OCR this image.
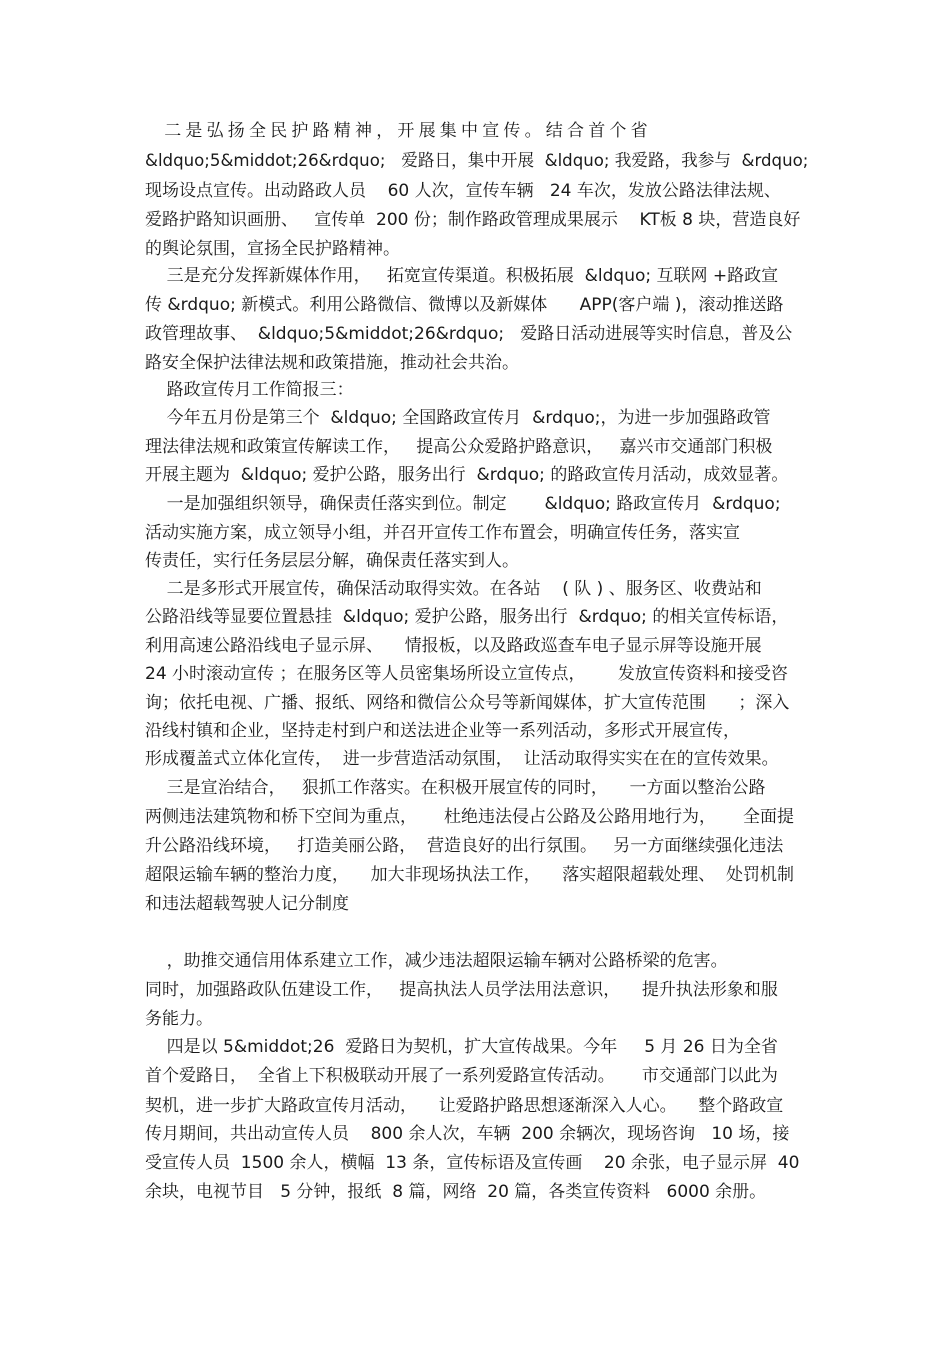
二是弘扬全民护路精神，开展集中宣传。结合首个省
&ldquo;5&middot;26&rdquo;   爱路日，集中开展  &ldquo; 我爱路，我参与  &rdquo;
现场设点宣传。出动路政人员    60 人次，宣传车辆   24 车次，发放公路法律法规、
爱路护路知识画册、   宣传单  200 份；制作路政管理成果展示    KT板 8 块，营造良好
的舆论氛围，宣扬全民护路精神。
三是充分发挥新媒体作用，   拓宽宣传渠道。积极拓展  &ldquo; 互联网 +路政宣
传 &rdquo; 新模式。利用公路微信、微博以及新媒体      APP(客户端 )，滚动推送路
政管理故事、  &ldquo;5&middot;26&rdquo;   爱路日活动进展等实时信息，普及公
路安全保护法律法规和政策措施，推动社会共治。
路政宣传月工作简报三：
今年五月份是第三个  &ldquo; 全国路政宣传月  &rdquo;，为进一步加强路政管
理法律法规和政策宣传解读工作，   提高公众爱路护路意识，   嘉兴市交通部门积极
开展主题为  &ldquo; 爱护公路，服务出行  &rdquo; 的路政宣传月活动，成效显著。
一是加强组织领导，确保责任落实到位。制定       &ldquo; 路政宣传月  &rdquo;
活动实施方案，成立领导小组，并召开宣传工作布置会，明确宣传任务，落实宣
传责任，实行任务层层分解，确保责任落实到人。
二是多形式开展宣传，确保活动取得实效。在各站    ( 队 ) 、服务区、收费站和
公路沿线等显要位置悬挂  &ldquo; 爱护公路，服务出行  &rdquo; 的相关宣传标语，
利用高速公路沿线电子显示屏、    情报板，以及路政巡查车电子显示屏等设施开展
24 小时滚动宣传 ；在服务区等人员密集场所设立宣传点，      发放宣传资料和接受咨
询；依托电视、广播、报纸、网络和微信公众号等新闻媒体，扩大宣传范围      ；深入
沿线村镇和企业，坚持走村到户和送法进企业等一系列活动，多形式开展宣传，
形成覆盖式立体化宣传，  进一步营造活动氛围，  让活动取得实实在在的宣传效果。
三是宣治结合，   狠抓工作落实。在积极开展宣传的同时，    一方面以整治公路
两侧违法建筑物和桥下空间为重点，     杜绝违法侵占公路及公路用地行为，     全面提
升公路沿线环境，   打造美丽公路，  营造良好的出行氛围。   另一方面继续强化违法
超限运输车辆的整治力度，    加大非现场执法工作，    落实超限超载处理、  处罚机制
和违法超载驾驶人记分制度
，助推交通信用体系建立工作，减少违法超限运输车辆对公路桥梁的危害。
同时，加强路政队伍建设工作，   提高执法人员学法用法意识，    提升执法形象和服
务能力。
四是以 5&middot;26  爱路日为契机，扩大宣传战果。今年     5 月 26 日为全省
首个爱路日，  全省上下积极联动开展了一系列爱路宣传活动。     市交通部门以此为
契机，进一步扩大路政宣传月活动，    让爱路护路思想逐渐深入人心。    整个路政宣
传月期间，共出动宣传人员    800 余人次，车辆  200 余辆次，现场咨询   10 场，接
受宣传人员  1500 余人，横幅  13 条，宣传标语及宣传画    20 余张，电子显示屏  40
余块，电视节目   5 分钟，报纸  8 篇，网络  20 篇，各类宣传资料   6000 余册。
